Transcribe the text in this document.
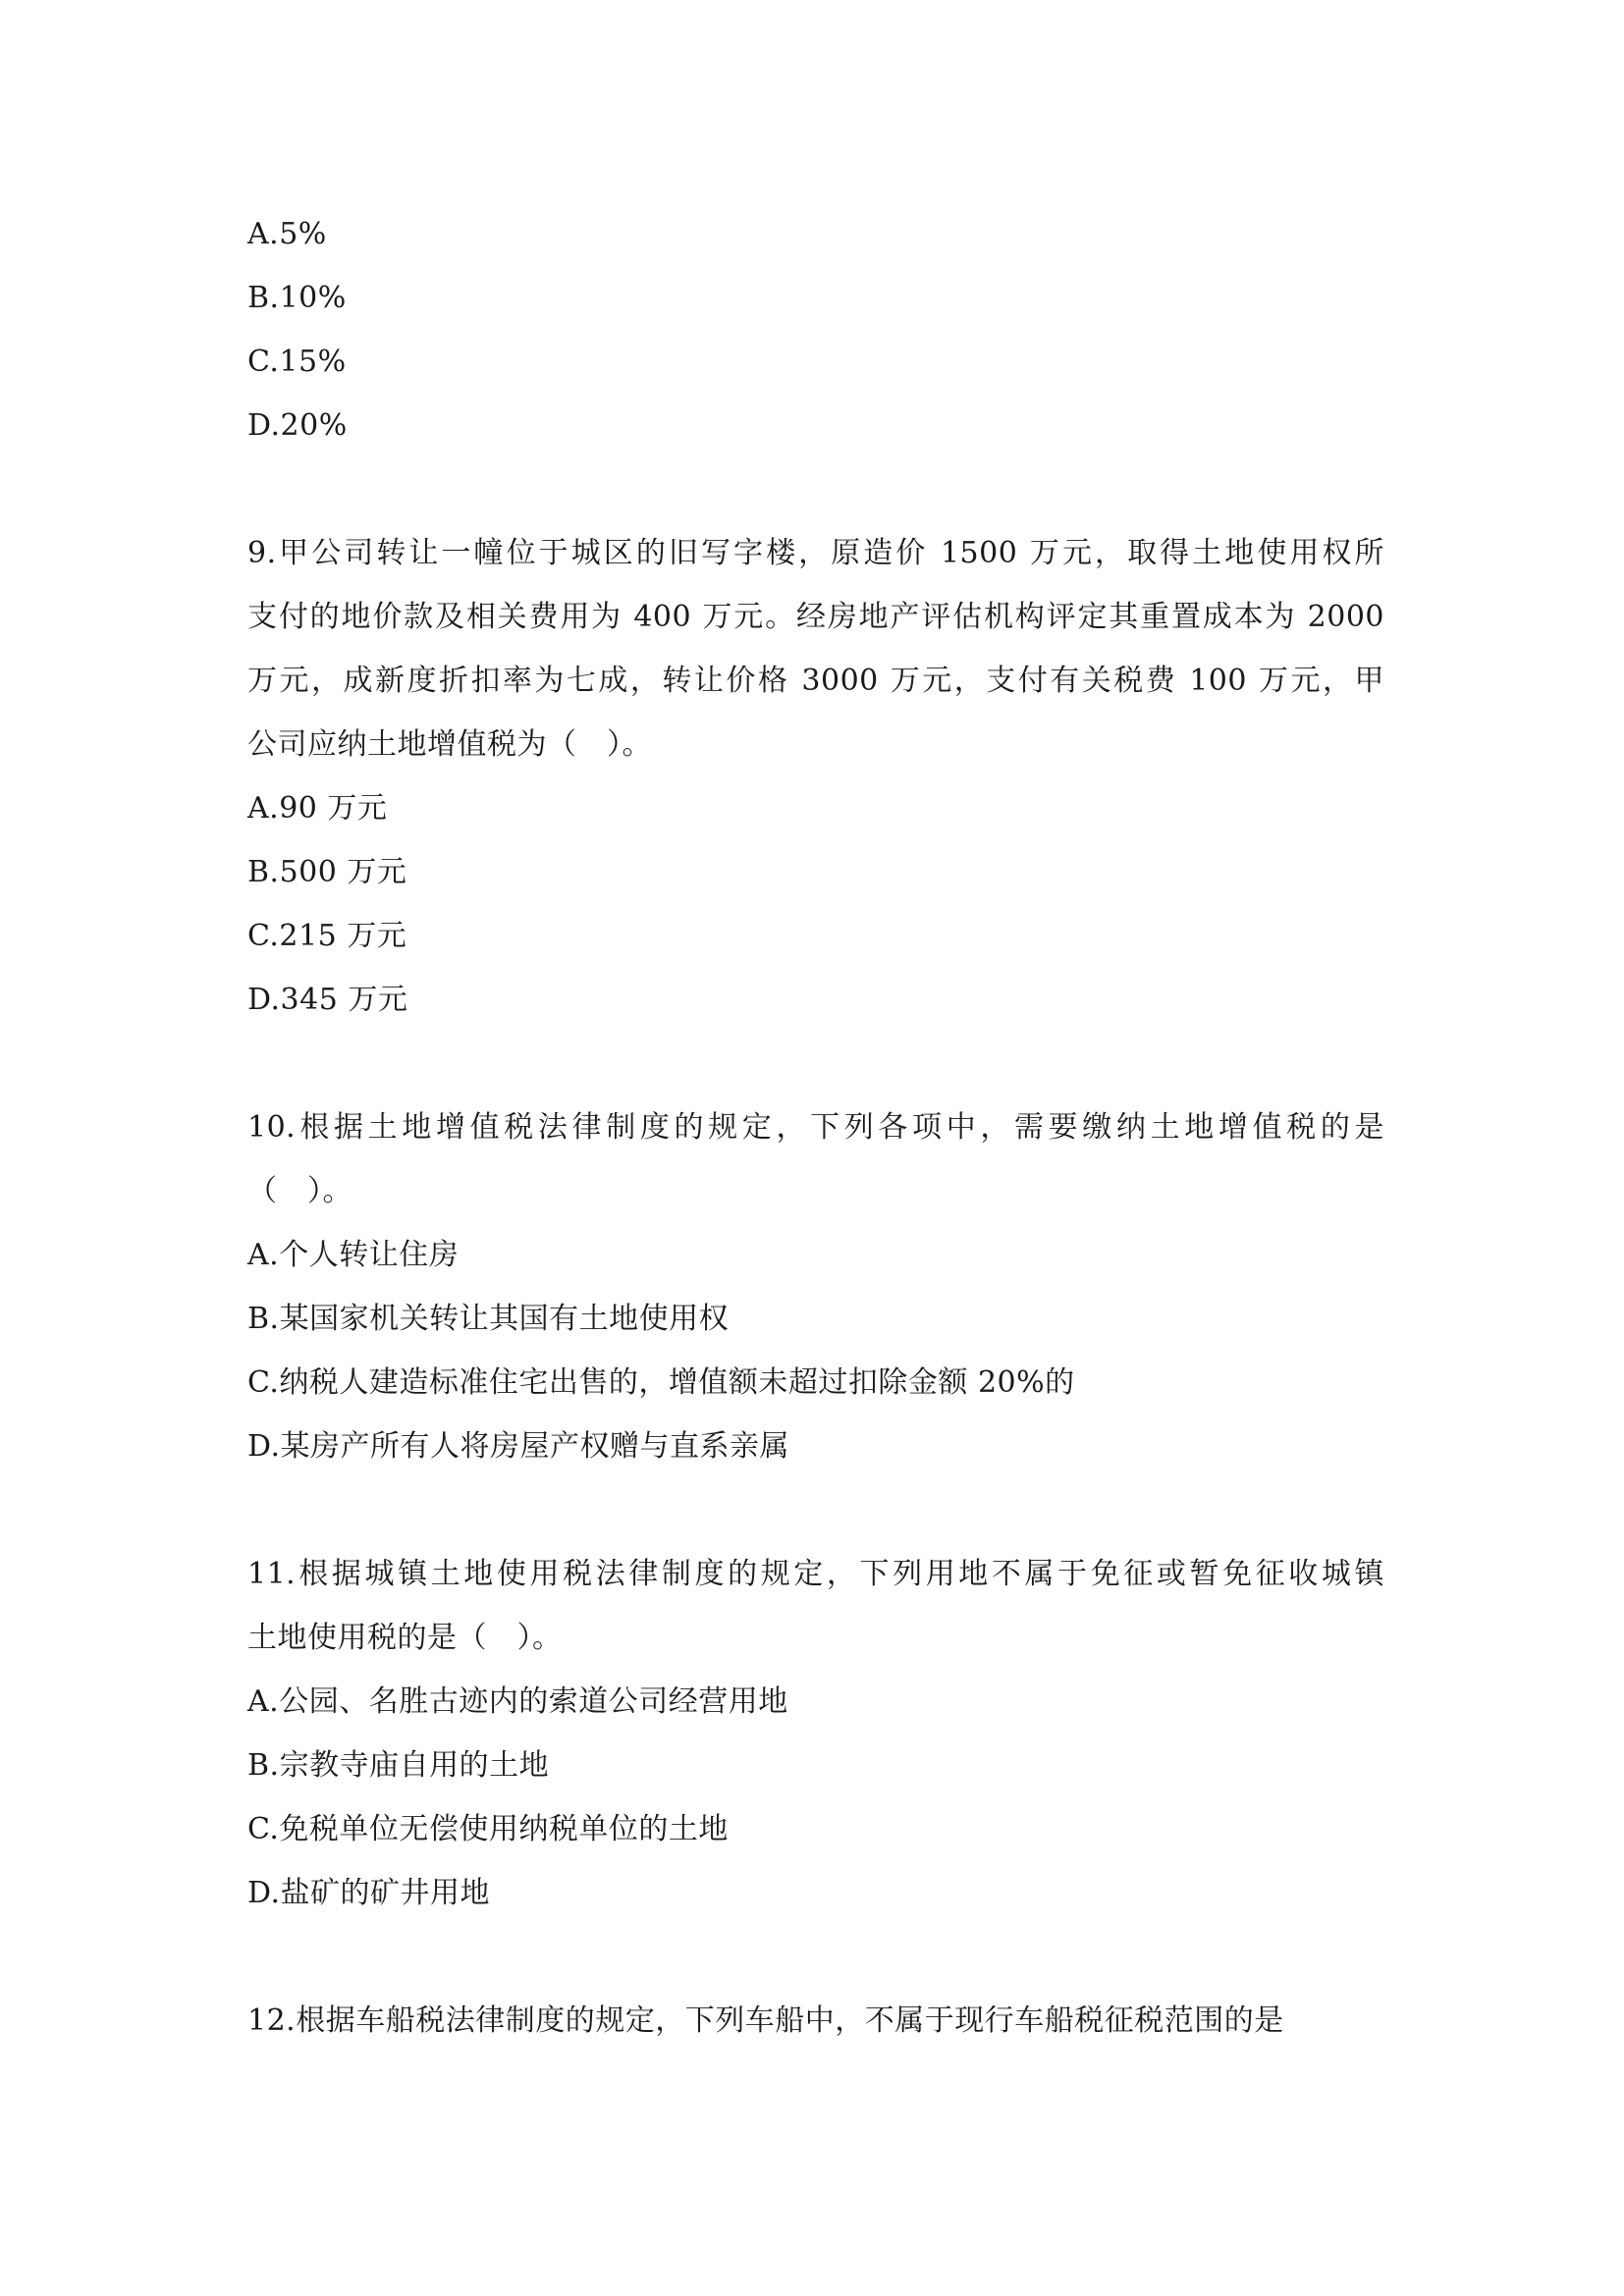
A.5%
B.10%
C.15%
D.20%
9.甲公司转让一幢位于城区的旧写字楼，原造价 1500 万元，取得土地使用权所
支付的地价款及相关费用为 400 万元。经房地产评估机构评定其重置成本为 2000
万元，成新度折扣率为七成，转让价格 3000 万元，支付有关税费 100 万元，甲
公司应纳土地增值税为（　）。
A.90 万元
B.500 万元
C.215 万元
D.345 万元
10.根据土地增值税法律制度的规定，下列各项中，需要缴纳土地增值税的是
（　）。
A.个人转让住房
B.某国家机关转让其国有土地使用权
C.纳税人建造标准住宅出售的，增值额未超过扣除金额 20%的
D.某房产所有人将房屋产权赠与直系亲属
11.根据城镇土地使用税法律制度的规定，下列用地不属于免征或暂免征收城镇
土地使用税的是（　）。
A.公园、名胜古迹内的索道公司经营用地
B.宗教寺庙自用的土地
C.免税单位无偿使用纳税单位的土地
D.盐矿的矿井用地
12.根据车船税法律制度的规定，下列车船中，不属于现行车船税征税范围的是
